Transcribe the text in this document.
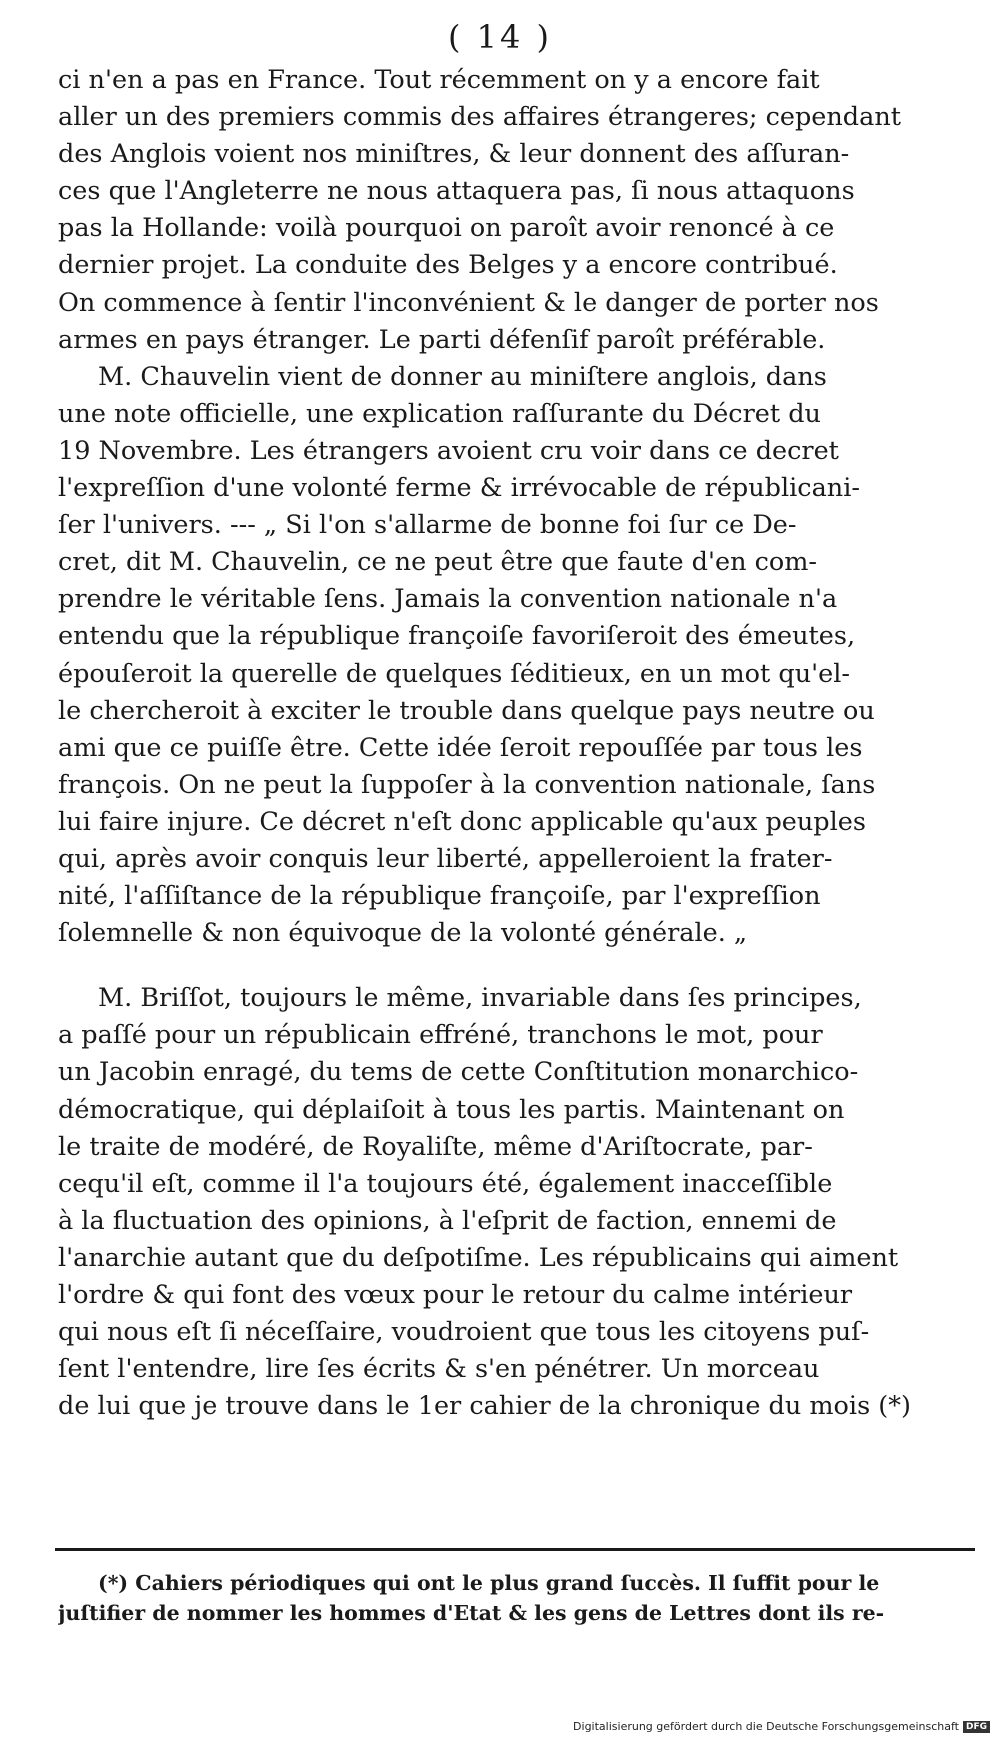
( 14 )
ci n'en a pas en France. Tout récemment on y a encore fait
aller un des premiers commis des affaires étrangeres; cependant
des Anglois voient nos miniſtres, & leur donnent des aſſuran-
ces que l'Angleterre ne nous attaquera pas, ſi nous attaquons
pas la Hollande: voilà pourquoi on paroît avoir renoncé à ce
dernier projet. La conduite des Belges y a encore contribué.
On commence à ſentir l'inconvénient & le danger de porter nos
armes en pays étranger. Le parti défenſif paroît préférable.
M. Chauvelin vient de donner au miniſtere anglois, dans
une note officielle, une explication raſſurante du Décret du
19 Novembre. Les étrangers avoient cru voir dans ce decret
l'expreſſion d'une volonté ferme & irrévocable de républicani-
ſer l'univers. --- „ Si l'on s'allarme de bonne foi ſur ce De-
cret, dit M. Chauvelin, ce ne peut être que faute d'en com-
prendre le véritable ſens. Jamais la convention nationale n'a
entendu que la république françoiſe favoriſeroit des émeutes,
épouſeroit la querelle de quelques ſéditieux, en un mot qu'el-
le chercheroit à exciter le trouble dans quelque pays neutre ou
ami que ce puiſſe être. Cette idée ſeroit repouſſée par tous les
françois. On ne peut la ſuppoſer à la convention nationale, ſans
lui faire injure. Ce décret n'eſt donc applicable qu'aux peuples
qui, après avoir conquis leur liberté, appelleroient la frater-
nité, l'aſſiſtance de la république françoiſe, par l'expreſſion
ſolemnelle & non équivoque de la volonté générale. „
M. Briſſot, toujours le même, invariable dans ſes principes,
a paſſé pour un républicain effréné, tranchons le mot, pour
un Jacobin enragé, du tems de cette Conſtitution monarchico-
démocratique, qui déplaiſoit à tous les partis. Maintenant on
le traite de modéré, de Royaliſte, même d'Ariſtocrate, par-
cequ'il eſt, comme il l'a toujours été, également inacceſſible
à la fluctuation des opinions, à l'eſprit de faction, ennemi de
l'anarchie autant que du deſpotiſme. Les républicains qui aiment
l'ordre & qui font des vœux pour le retour du calme intérieur
qui nous eſt ſi néceſſaire, voudroient que tous les citoyens puſ-
ſent l'entendre, lire ſes écrits & s'en pénétrer. Un morceau
de lui que je trouve dans le 1er cahier de la chronique du mois (*)
(*) Cahiers périodiques qui ont le plus grand ſuccès. Il ſuffit pour le
juſtifier de nommer les hommes d'Etat & les gens de Lettres dont ils re-
Digitalisierung gefördert durch die Deutsche Forschungsgemeinschaft DFG
